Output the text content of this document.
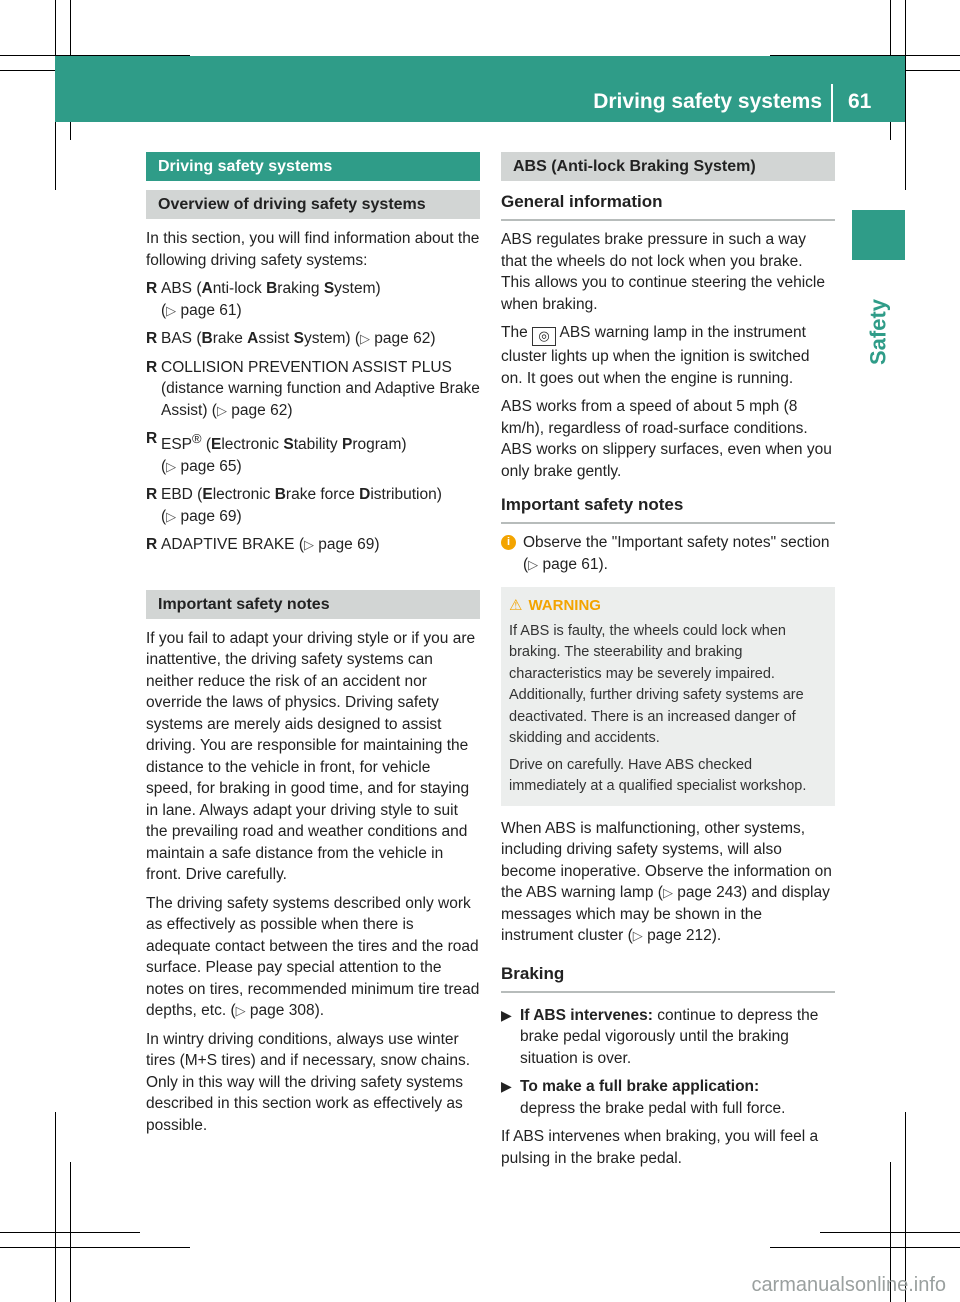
Driving safety systems 61
Safety
Driving safety systems
Overview of driving safety systems

In this section, you will find information about the following driving safety systems:

R ABS (Anti-lock Braking System)
(▷ page 61)
R BAS (Brake Assist System) (▷ page 62)
R COLLISION PREVENTION ASSIST PLUS (distance warning function and Adaptive Brake Assist) (▷ page 62)
R ESP® (Electronic Stability Program)
(▷ page 65)
R EBD (Electronic Brake force Distribution)
(▷ page 69)
R ADAPTIVE BRAKE (▷ page 69)
Important safety notes

If you fail to adapt your driving style or if you are inattentive, the driving safety systems can neither reduce the risk of an accident nor override the laws of physics. Driving safety systems are merely aids designed to assist driving. You are responsible for maintaining the distance to the vehicle in front, for vehicle speed, for braking in good time, and for staying in lane. Always adapt your driving style to suit the prevailing road and weather conditions and maintain a safe distance from the vehicle in front. Drive carefully.

The driving safety systems described only work as effectively as possible when there is adequate contact between the tires and the road surface. Please pay special attention to the notes on tires, recommended minimum tire tread depths, etc. (▷ page 308).

In wintry driving conditions, always use winter tires (M+S tires) and if necessary, snow chains. Only in this way will the driving safety systems described in this section work as effectively as possible.

ABS (Anti-lock Braking System)
General information

ABS regulates brake pressure in such a way that the wheels do not lock when you brake. This allows you to continue steering the vehicle when braking.

The ◎ ABS warning lamp in the instrument cluster lights up when the ignition is switched on. It goes out when the engine is running.

ABS works from a speed of about 5 mph (8 km/h), regardless of road-surface conditions. ABS works on slippery surfaces, even when you only brake gently.

Important safety notes
i Observe the "Important safety notes" section (▷ page 61).
⚠ WARNING
If ABS is faulty, the wheels could lock when braking. The steerability and braking characteristics may be severely impaired. Additionally, further driving safety systems are deactivated. There is an increased danger of skidding and accidents.
Drive on carefully. Have ABS checked immediately at a qualified specialist workshop.

When ABS is malfunctioning, other systems, including driving safety systems, will also become inoperative. Observe the information on the ABS warning lamp (▷ page 243) and display messages which may be shown in the instrument cluster (▷ page 212).

Braking
▶ If ABS intervenes: continue to depress the brake pedal vigorously until the braking situation is over.
▶ To make a full brake application:
depress the brake pedal with full force.

If ABS intervenes when braking, you will feel a pulsing in the brake pedal.

carmanualsonline.info
